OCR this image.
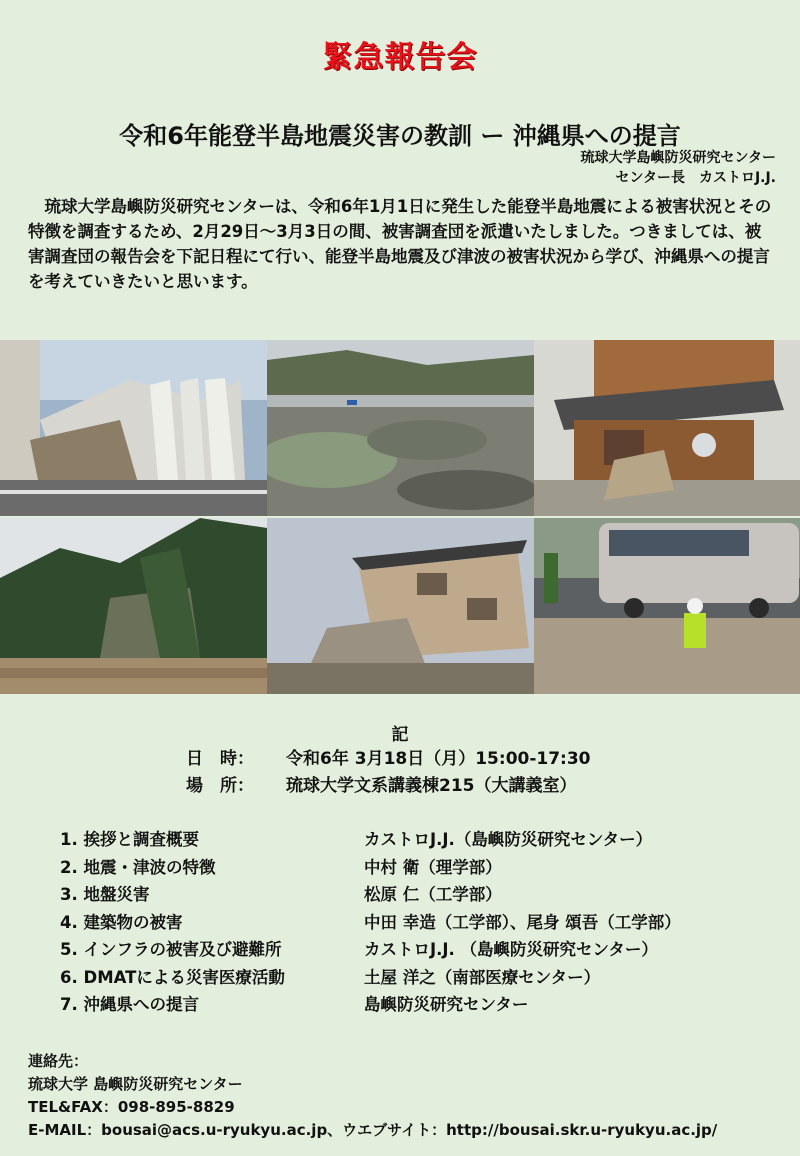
緊急報告会
令和6年能登半島地震災害の教訓 ー 沖縄県への提言
琉球大学島嶼防災研究センター
センター長　カストロJ.J.
琉球大学島嶼防災研究センターは、令和6年1月1日に発生した能登半島地震による被害状況とその特徴を調査するため、2月29日～3月3日の間、被害調査団を派遣いたしました。つきましては、被害調査団の報告会を下記日程にて行い、能登半島地震及び津波の被害状況から学び、沖縄県への提言を考えていきたいと思います。
記
日　時： 令和6年 3月18日（月）15:00-17:30
場　所： 琉球大学文系講義棟215（大講義室）
1. 挨拶と調査概要	カストロJ.J.（島嶼防災研究センター）
2. 地震・津波の特徴	中村 衛（理学部）
3. 地盤災害	松原 仁（工学部）
4. 建築物の被害	中田 幸造（工学部）、尾身 頌吾（工学部）
5. インフラの被害及び避難所	カストロJ.J. （島嶼防災研究センター）
6. DMATによる災害医療活動	土屋 洋之（南部医療センター）
7. 沖縄県への提言	島嶼防災研究センター
連絡先：
琉球大学 島嶼防災研究センター
TEL&FAX：098-895-8829
E-MAIL：bousai@acs.u-ryukyu.ac.jp、ウエブサイト：http://bousai.skr.u-ryukyu.ac.jp/
